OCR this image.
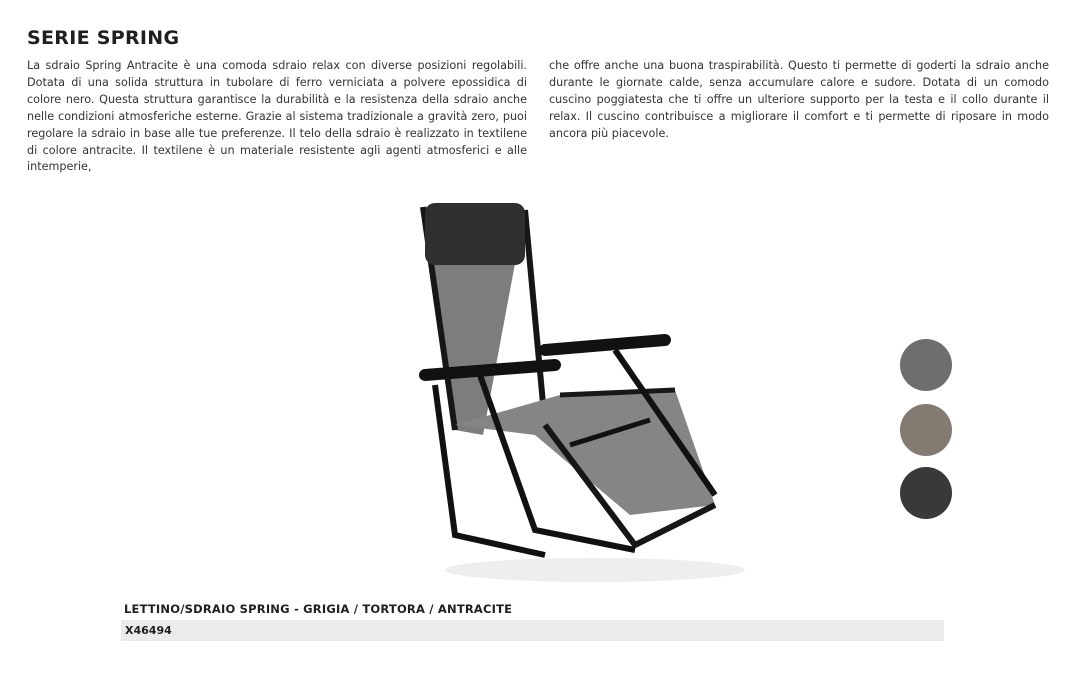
SERIE SPRING
La sdraio Spring Antracite è una comoda sdraio relax con diverse posizioni regolabili. Dotata di una solida struttura in tubolare di ferro verniciata a polvere epossidica di colore nero. Questa struttura garantisce la durabilità e la resistenza della sdraio anche nelle condizioni atmosferiche esterne. Grazie al sistema tradizionale a gravità zero, puoi regolare la sdraio in base alle tue preferenze. Il telo della sdraio è realizzato in textilene di colore antracite. Il textilene è un materiale resistente agli agenti atmosferici e alle intemperie,
che offre anche una buona traspirabilità. Questo ti permette di goderti la sdraio anche durante le giornate calde, senza accumulare calore e sudore. Dotata di un comodo cuscino poggiatesta che ti offre un ulteriore supporto per la testa e il collo durante il relax. Il cuscino contribuisce a migliorare il comfort e ti permette di riposare in modo ancora più piacevole.
LETTINO/SDRAIO SPRING - GRIGIA / TORTORA / ANTRACITE
X46494
